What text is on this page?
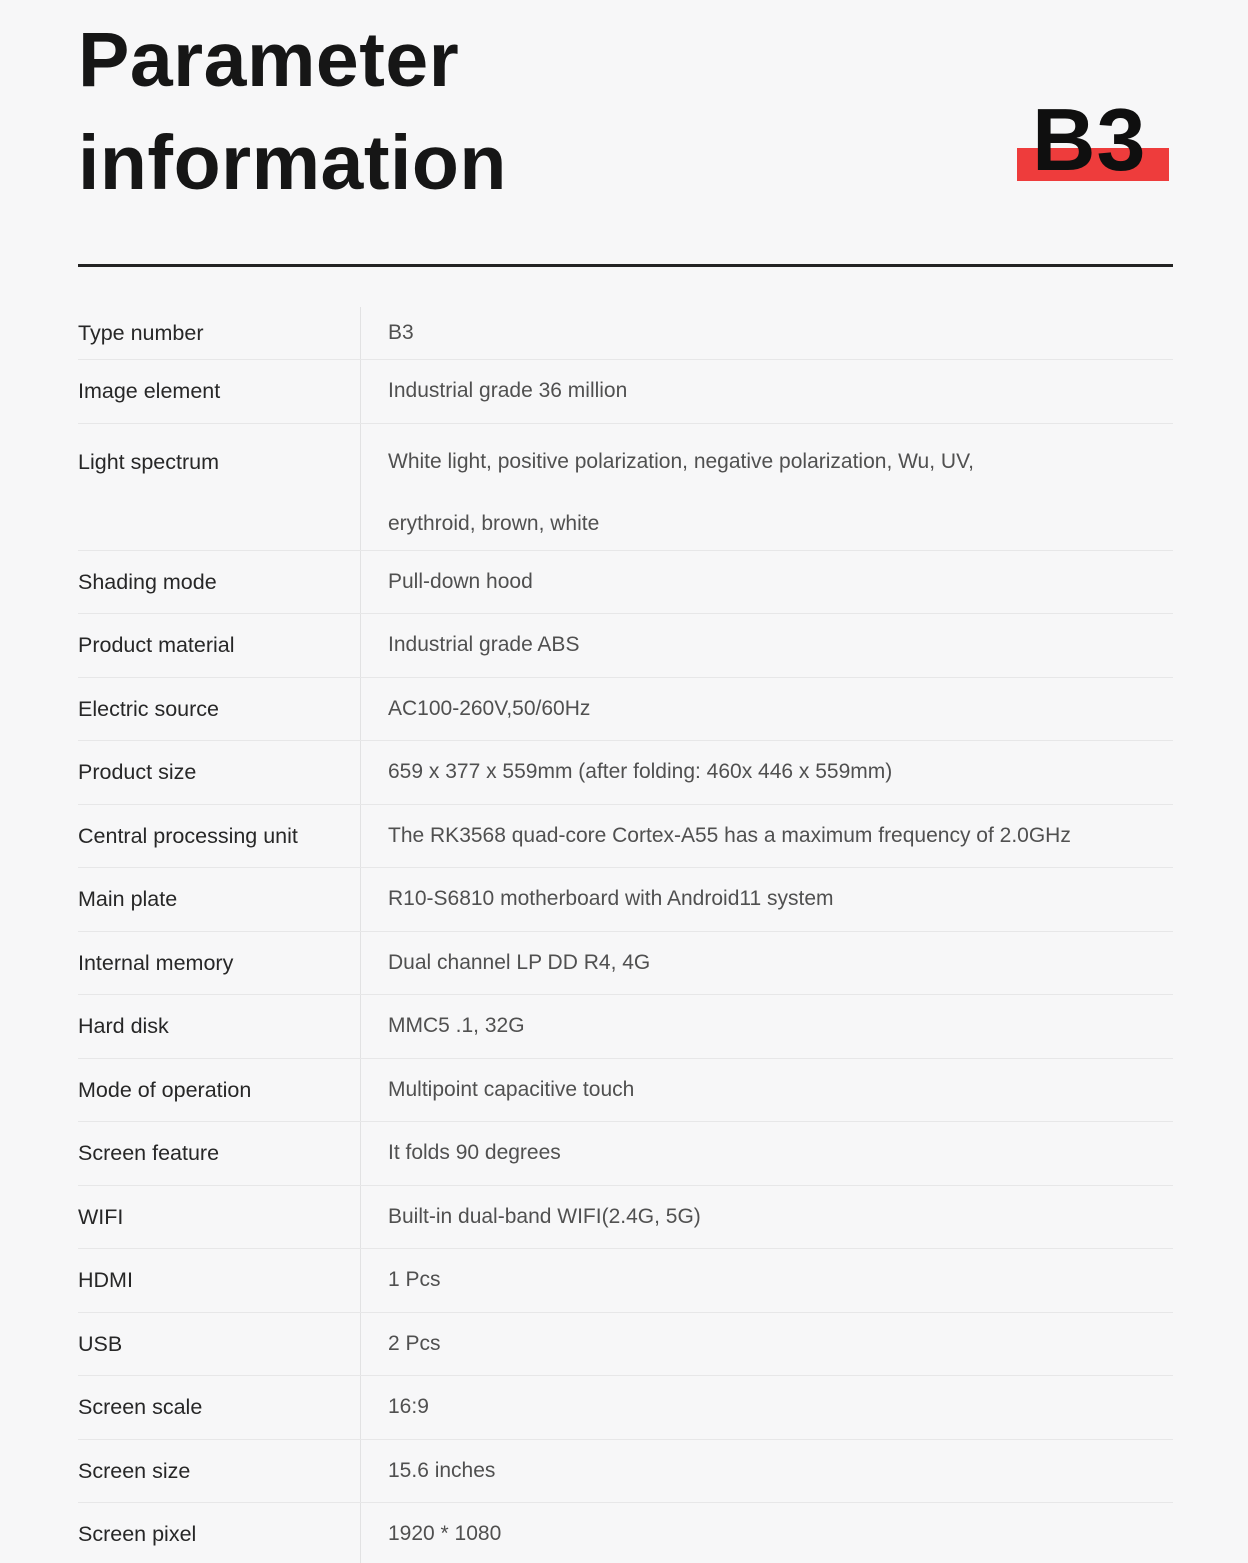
Parameter
information	B3
Type number	B3
Image element	Industrial grade 36 million
Light spectrum	White light, positive polarization, negative polarization, Wu, UV,
erythroid, brown, white
Shading mode	Pull-down hood
Product material	Industrial grade ABS
Electric source	AC100-260V,50/60Hz
Product size	659 x 377 x 559mm (after folding: 460x 446 x 559mm)
Central processing unit	The RK3568 quad-core Cortex-A55 has a maximum frequency of 2.0GHz
Main plate	R10-S6810 motherboard with Android11 system
Internal memory	Dual channel LP DD R4, 4G
Hard disk	MMC5 .1, 32G
Mode of operation	Multipoint capacitive touch
Screen feature	It folds 90 degrees
WIFI	Built-in dual-band WIFI(2.4G, 5G)
HDMI	1 Pcs
USB	2 Pcs
Screen scale	16:9
Screen size	15.6 inches
Screen pixel	1920 * 1080
